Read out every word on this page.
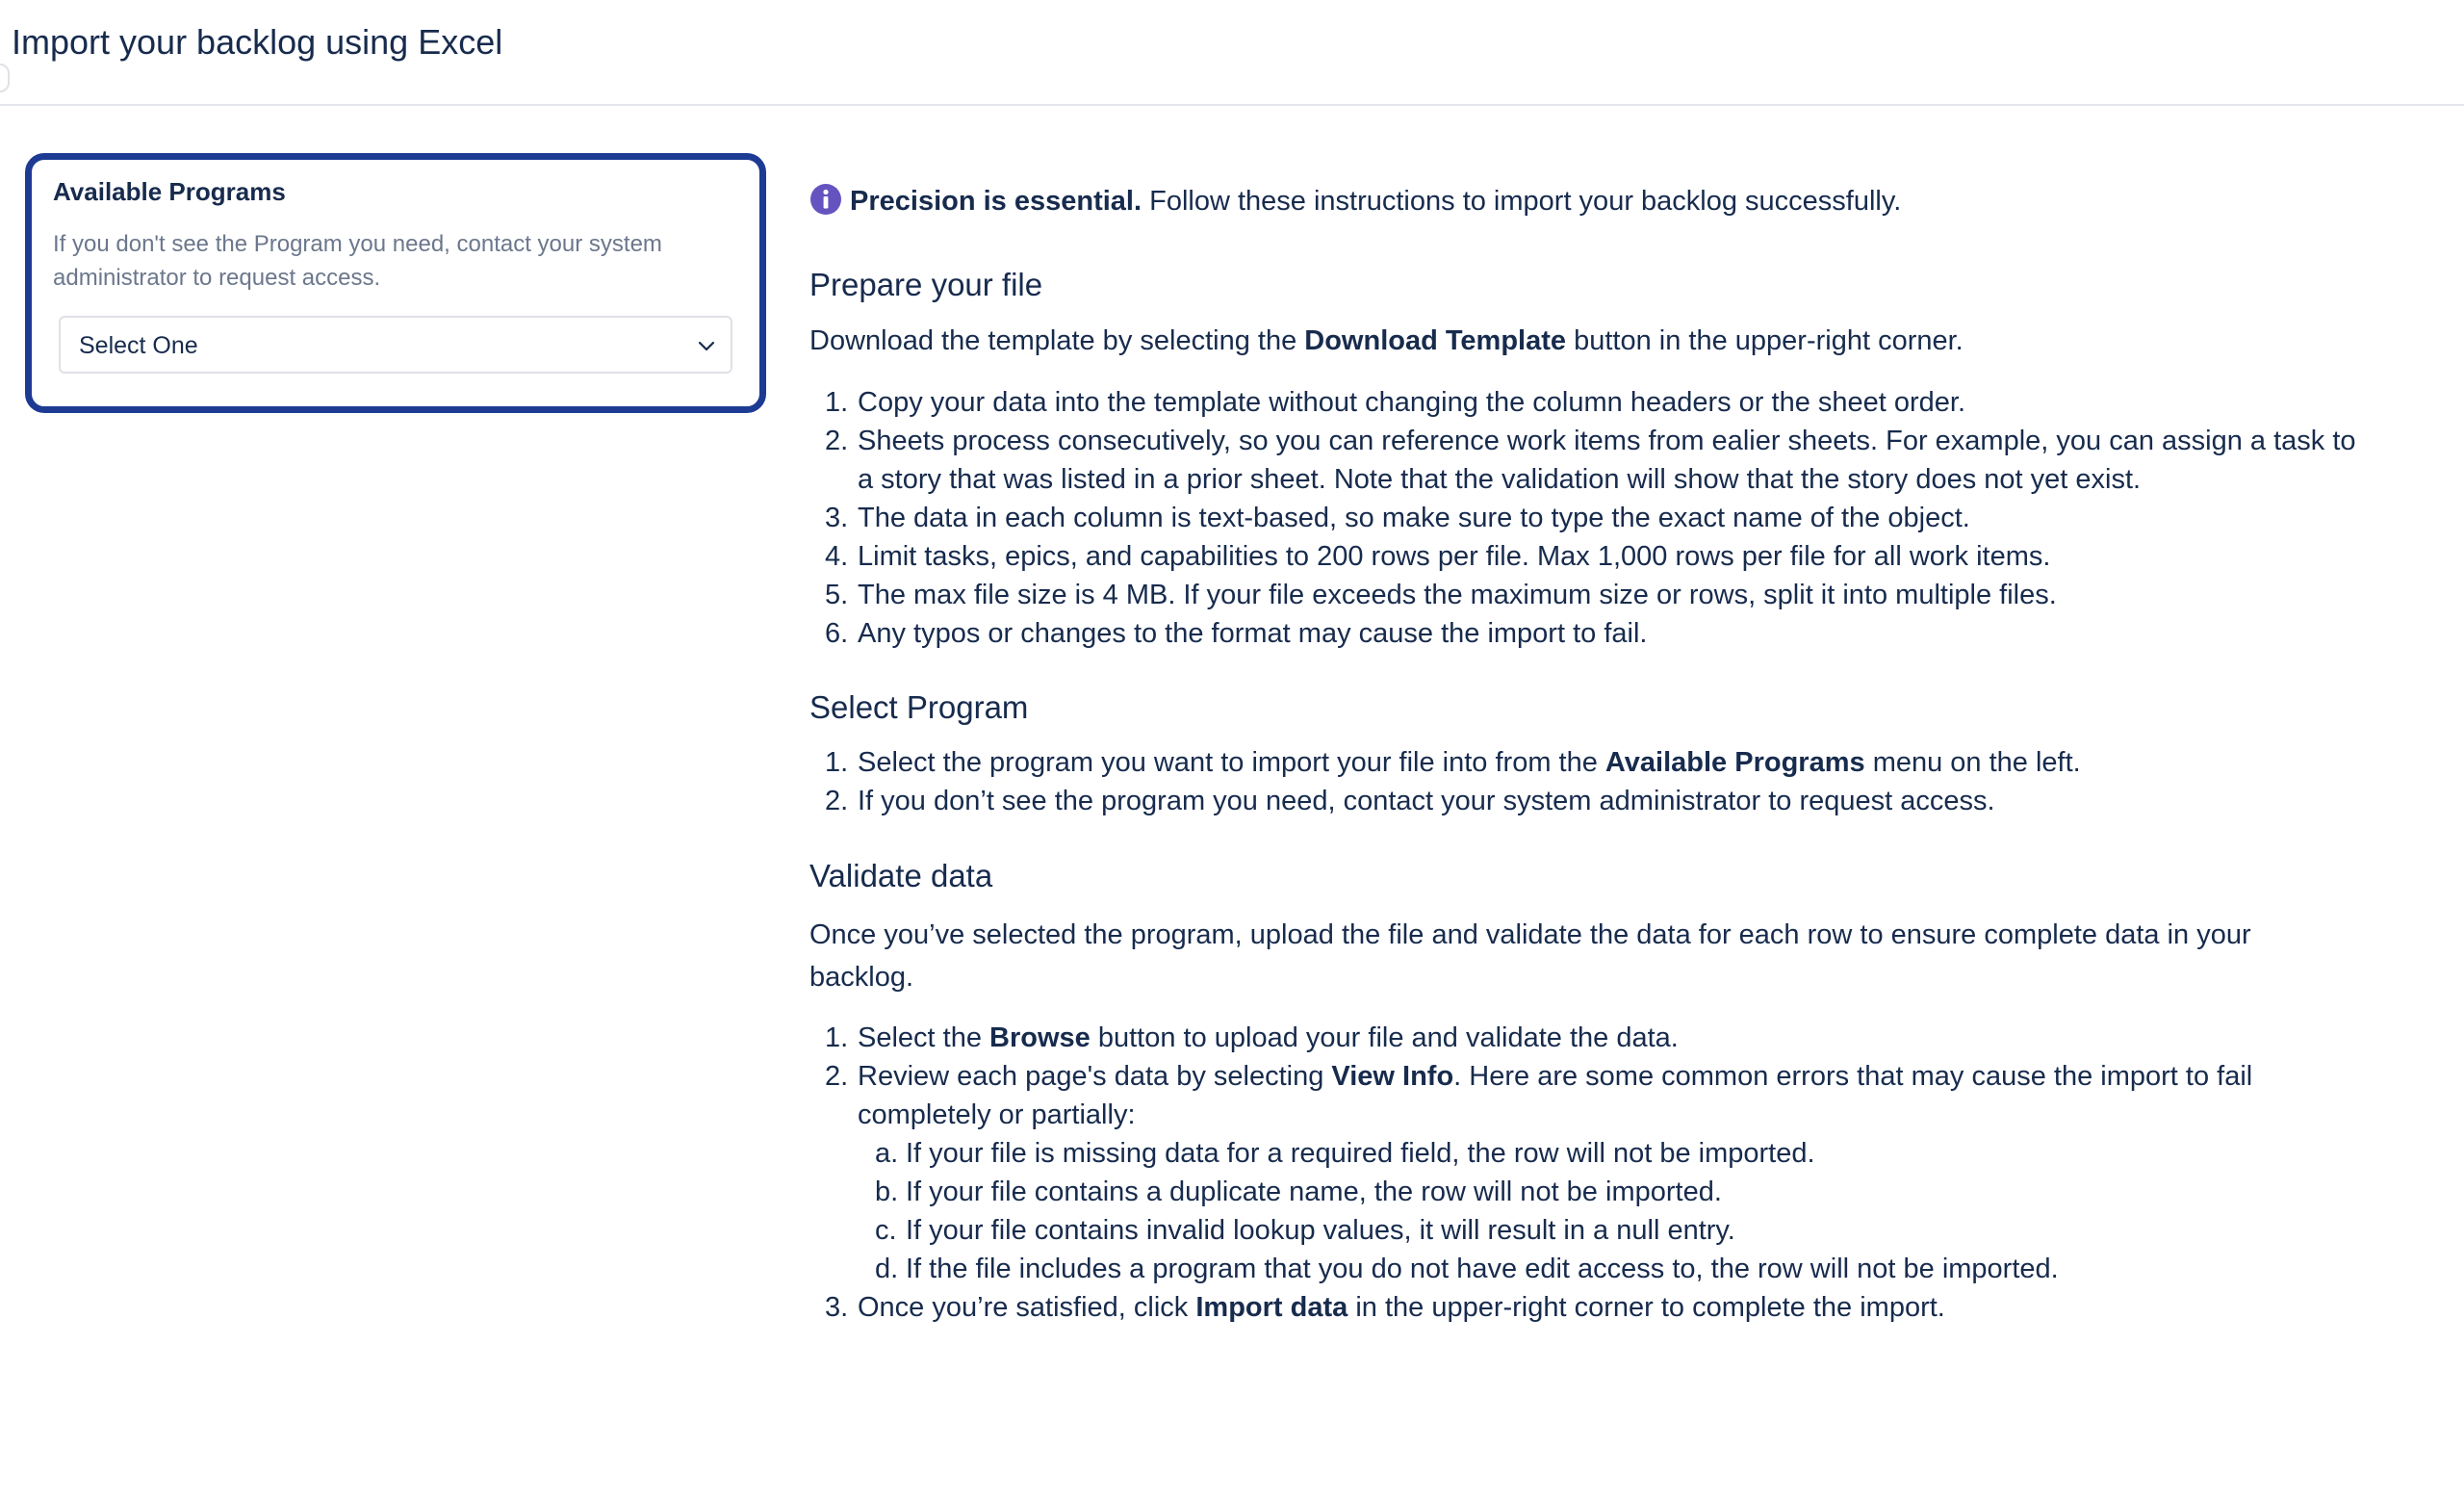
Import your backlog using Excel
Available Programs
If you don't see the Program you need, contact your system administrator to request access.
Select One
Precision is essential. Follow these instructions to import your backlog successfully.
Prepare your file

Download the template by selecting the Download Template button in the upper-right corner.

1. Copy your data into the template without changing the column headers or the sheet order.
2. Sheets process consecutively, so you can reference work items from ealier sheets. For example, you can assign a task to a story that was listed in a prior sheet. Note that the validation will show that the story does not yet exist.
3. The data in each column is text-based, so make sure to type the exact name of the object.
4. Limit tasks, epics, and capabilities to 200 rows per file. Max 1,000 rows per file for all work items.
5. The max file size is 4 MB. If your file exceeds the maximum size or rows, split it into multiple files.
6. Any typos or changes to the format may cause the import to fail.
Select Program
1. Select the program you want to import your file into from the Available Programs menu on the left.
2. If you don’t see the program you need, contact your system administrator to request access.
Validate data

Once you’ve selected the program, upload the file and validate the data for each row to ensure complete data in your backlog.

1. Select the Browse button to upload your file and validate the data.
2. Review each page's data by selecting View Info. Here are some common errors that may cause the import to fail completely or partially:
a. If your file is missing data for a required field, the row will not be imported.
b. If your file contains a duplicate name, the row will not be imported.
c. If your file contains invalid lookup values, it will result in a null entry.
d. If the file includes a program that you do not have edit access to, the row will not be imported.
3. Once you’re satisfied, click Import data in the upper-right corner to complete the import.
